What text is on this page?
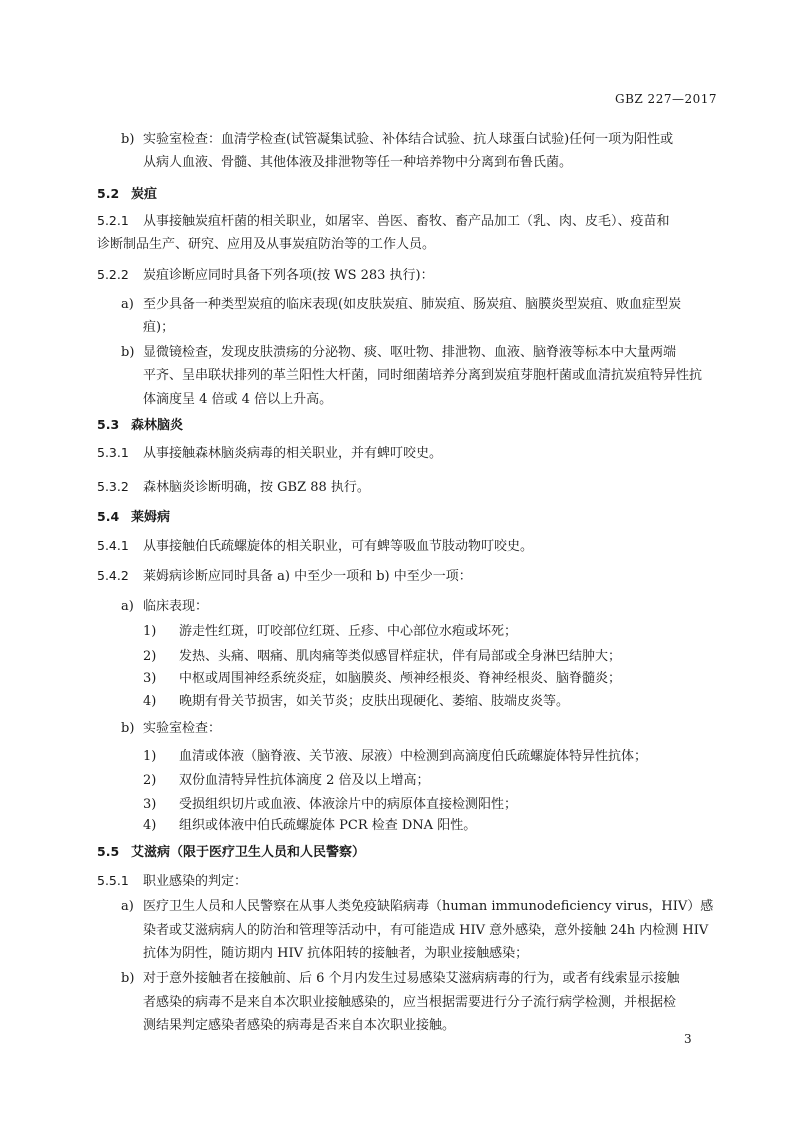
GBZ 227—2017
b) 实验室检查：血清学检查(试管凝集试验、补体结合试验、抗人球蛋白试验)任何一项为阳性或
从病人血液、骨髓、其他体液及排泄物等任一种培养物中分离到布鲁氏菌。
5.2 炭疽
5.2.1 从事接触炭疽杆菌的相关职业，如屠宰、兽医、畜牧、畜产品加工（乳、肉、皮毛）、疫苗和
诊断制品生产、研究、应用及从事炭疽防治等的工作人员。
5.2.2 炭疽诊断应同时具备下列各项(按 WS 283 执行)：
a) 至少具备一种类型炭疽的临床表现(如皮肤炭疽、肺炭疽、肠炭疽、脑膜炎型炭疽、败血症型炭
疽)；
b) 显微镜检查，发现皮肤溃疡的分泌物、痰、呕吐物、排泄物、血液、脑脊液等标本中大量两端
平齐、呈串联状排列的革兰阳性大杆菌，同时细菌培养分离到炭疽芽胞杆菌或血清抗炭疽特异性抗
体滴度呈 4 倍或 4 倍以上升高。
5.3 森林脑炎
5.3.1 从事接触森林脑炎病毒的相关职业，并有蜱叮咬史。
5.3.2 森林脑炎诊断明确，按 GBZ 88 执行。
5.4 莱姆病
5.4.1 从事接触伯氏疏螺旋体的相关职业，可有蜱等吸血节肢动物叮咬史。
5.4.2 莱姆病诊断应同时具备 a) 中至少一项和 b) 中至少一项：
a) 临床表现：
1) 游走性红斑，叮咬部位红斑、丘疹、中心部位水疱或坏死；
2) 发热、头痛、咽痛、肌肉痛等类似感冒样症状，伴有局部或全身淋巴结肿大；
3) 中枢或周围神经系统炎症，如脑膜炎、颅神经根炎、脊神经根炎、脑脊髓炎；
4) 晚期有骨关节损害，如关节炎；皮肤出现硬化、萎缩、肢端皮炎等。
b) 实验室检查：
1) 血清或体液（脑脊液、关节液、尿液）中检测到高滴度伯氏疏螺旋体特异性抗体；
2) 双份血清特异性抗体滴度 2 倍及以上增高；
3) 受损组织切片或血液、体液涂片中的病原体直接检测阳性；
4) 组织或体液中伯氏疏螺旋体 PCR 检查 DNA 阳性。
5.5 艾滋病（限于医疗卫生人员和人民警察）
5.5.1 职业感染的判定：
a) 医疗卫生人员和人民警察在从事人类免疫缺陷病毒（human immunodeficiency virus，HIV）感
染者或艾滋病病人的防治和管理等活动中，有可能造成 HIV 意外感染，意外接触 24h 内检测 HIV
抗体为阴性，随访期内 HIV 抗体阳转的接触者，为职业接触感染；
b) 对于意外接触者在接触前、后 6 个月内发生过易感染艾滋病病毒的行为，或者有线索显示接触
者感染的病毒不是来自本次职业接触感染的，应当根据需要进行分子流行病学检测，并根据检
测结果判定感染者感染的病毒是否来自本次职业接触。
3
